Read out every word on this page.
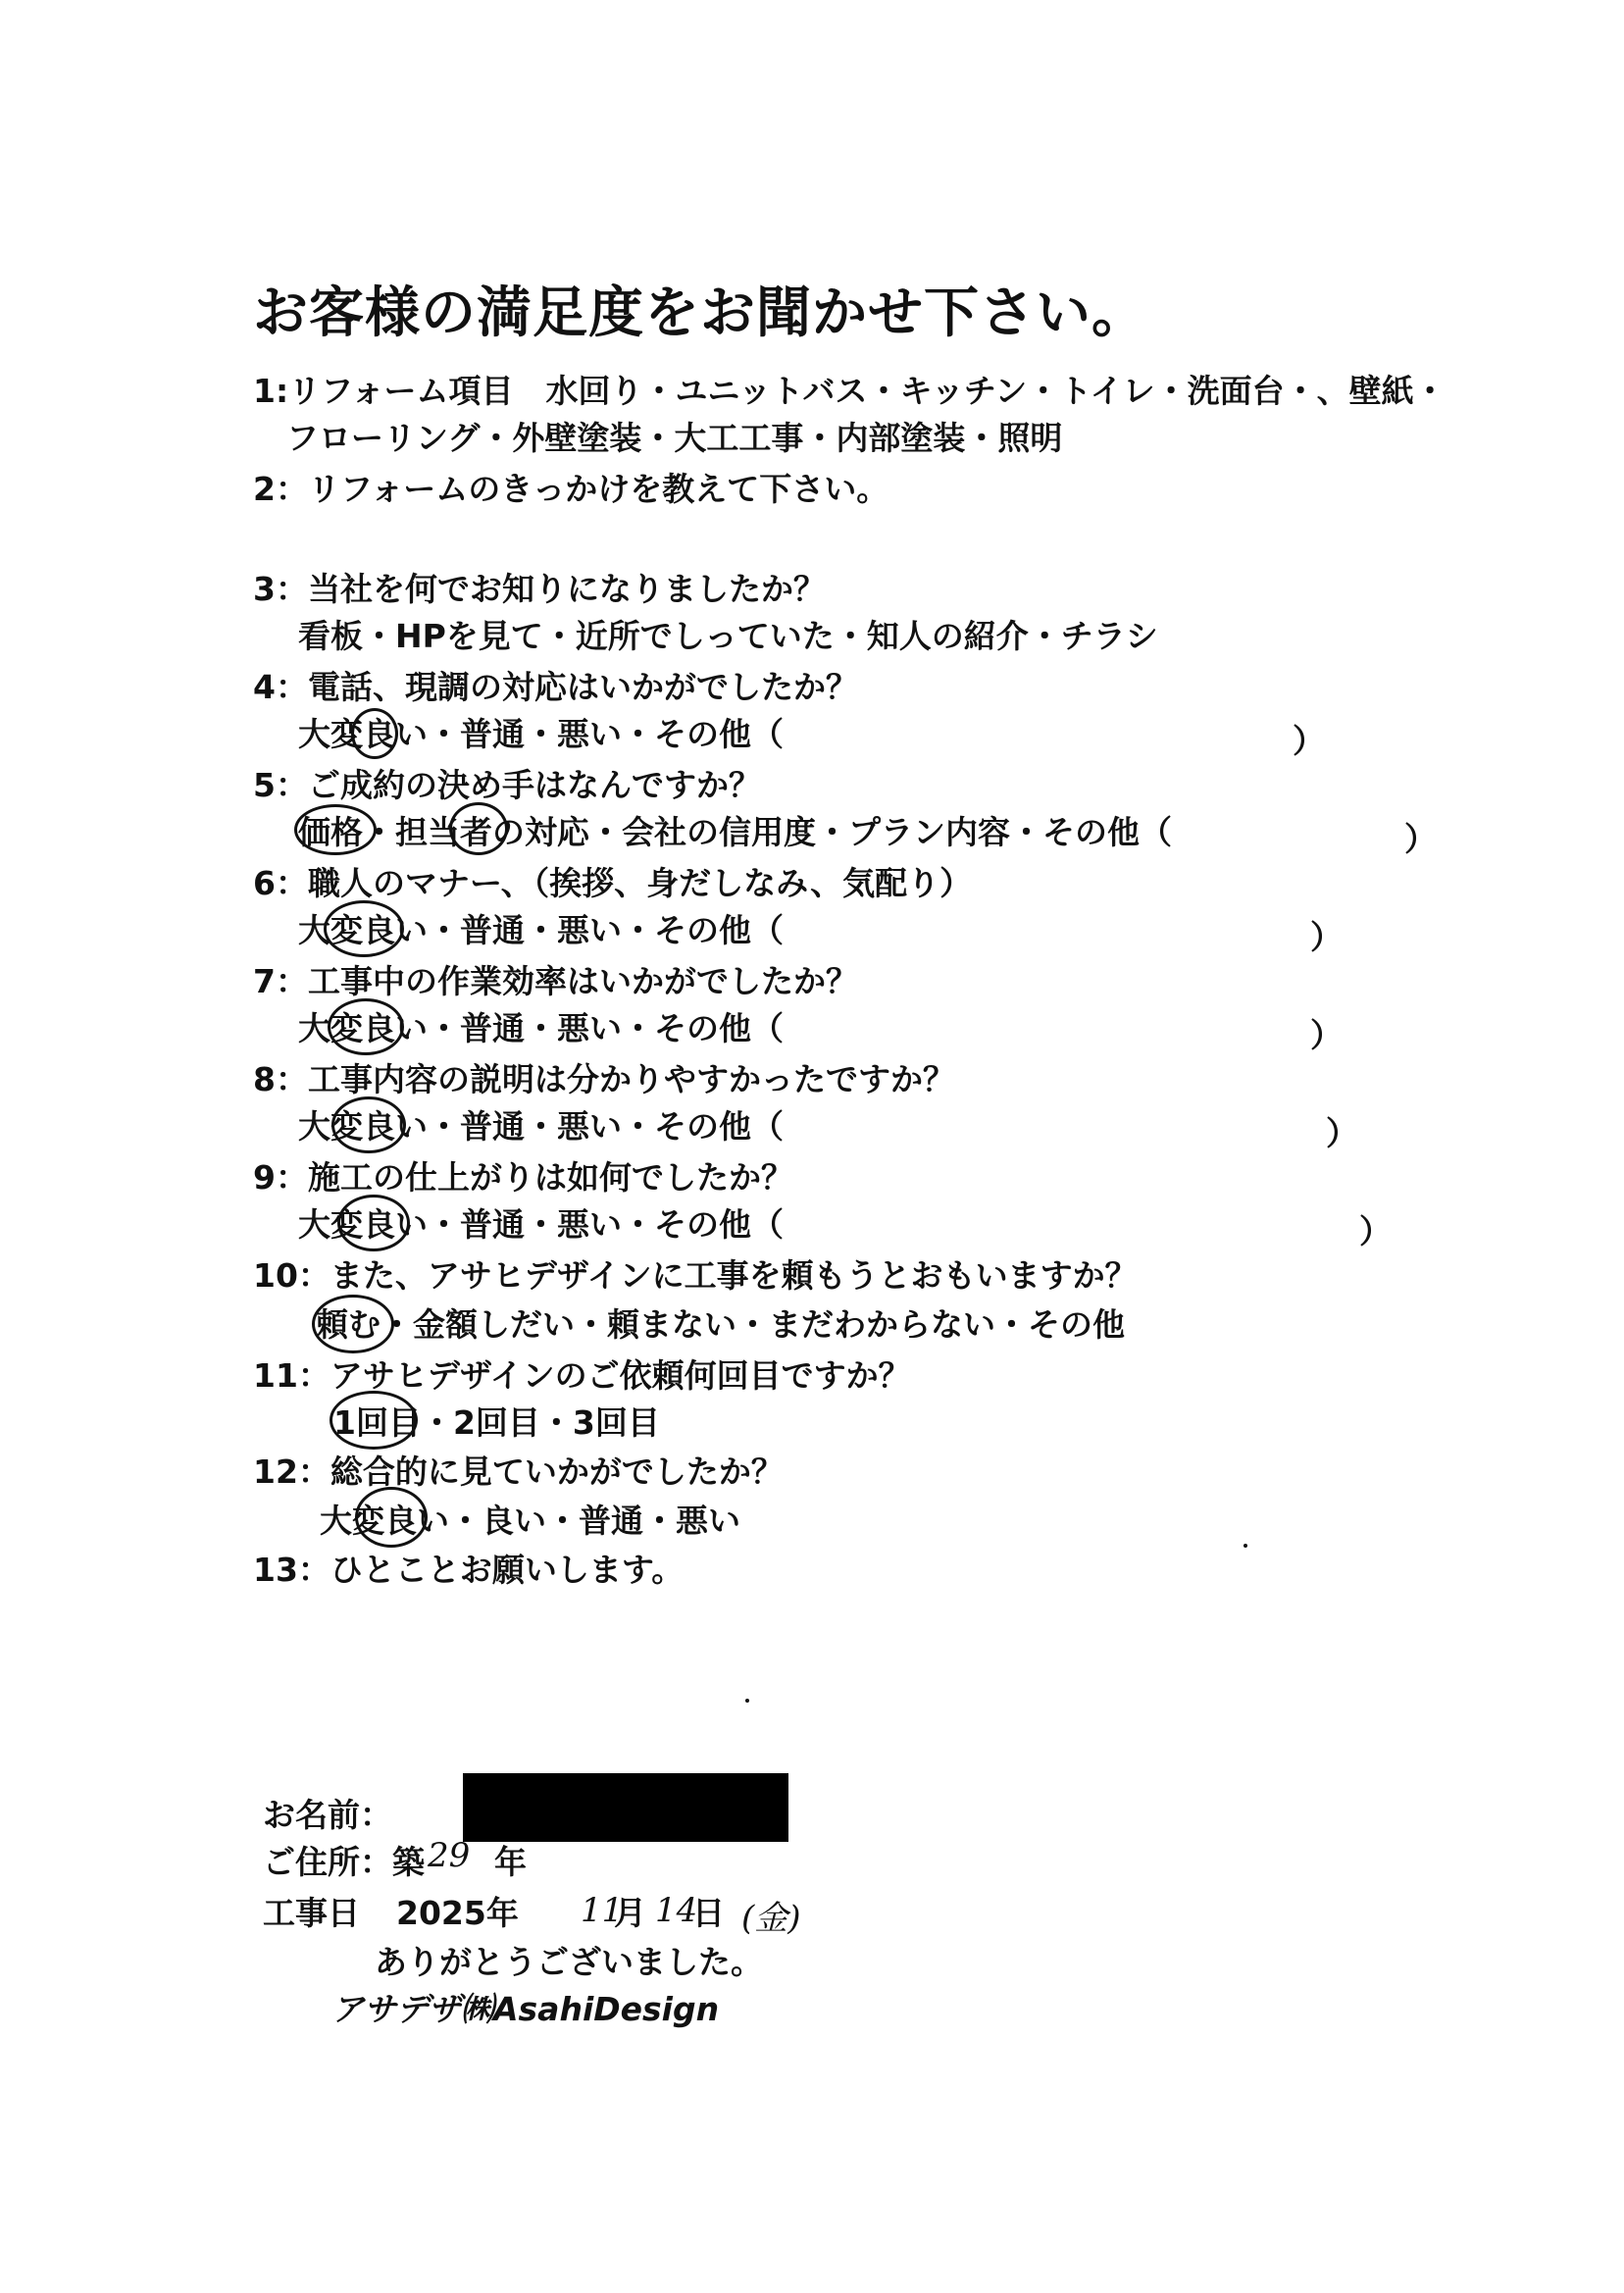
お客様の満足度をお聞かせ下さい。
1:リフォーム項目　水回り・ユニットバス・キッチン・トイレ・洗面台・、壁紙・
フローリング・外壁塗装・大工工事・内部塗装・照明
2：リフォームのきっかけを教えて下さい。
3：当社を何でお知りになりましたか？
看板・HPを見て・近所でしっていた・知人の紹介・チラシ
4：電話、現調の対応はいかがでしたか？
大変良い・普通・悪い・その他（	）
5：ご成約の決め手はなんですか？
価格・担当者の対応・会社の信用度・プラン内容・その他（	）
6：職人のマナー、（挨拶、身だしなみ、気配り）
大変良い・普通・悪い・その他（	）
7：工事中の作業効率はいかがでしたか？
大変良い・普通・悪い・その他（	）
8：工事内容の説明は分かりやすかったですか？
大変良い・普通・悪い・その他（	）
9：施工の仕上がりは如何でしたか？
大変良い・普通・悪い・その他（	）
10：また、アサヒデザインに工事を頼もうとおもいますか？
頼む・金額しだい・頼まない・まだわからない・その他
11：アサヒデザインのご依頼何回目ですか？
1回目・2回目・3回目
12：総合的に見ていかがでしたか？
大変良い・良い・普通・悪い
13：ひとことお願いします。
お名前：
ご住所：築 29 年
工事日 2025年 11
月 14
日 (金)
ありがとうございました。
アサデザ㈱AsahiDesign
